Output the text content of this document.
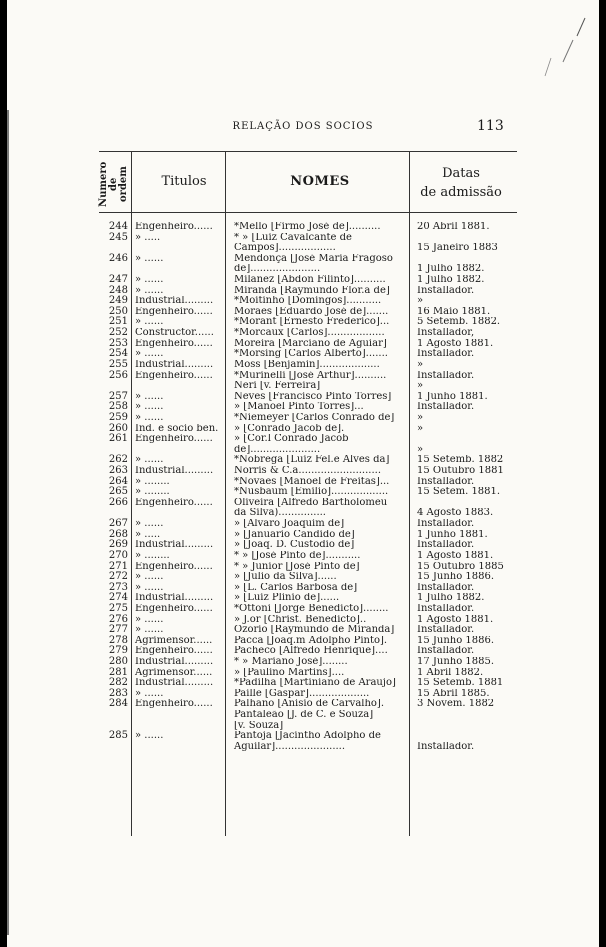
RELAÇÃO DOS SOCIOS	113
Numero de ordem	Titulos	NOMES
Datas
de admissão
244 Engenheiro......	*Mello [Firmo José de]..........	20 Abril 1881.
245 » .....	* » [Luiz Cavalcante de
Campos]..................	15 Janeiro 1883
246 » ......	Mendonça [José Maria Fragoso
de]......................	1 Julho 1882.
247 » ......	Milanez [Abdon Filinto]..........	1 Julho 1882.
248 » ......	Miranda [Raymundo Flor.a de]	Installador.
249 Industrial.........	*Moitinho [Domingos]...........	»
250 Engenheiro......	Moraes [Eduardo José de].......	16 Maio 1881.
251 » ......	*Morant [Ernesto Frederico]...	5 Setemb. 1882.
252 Constructor......	*Morcaux [Carlos]..................	Installador,
253 Engenheiro......	Moreira [Marciano de Aguiar]	1 Agosto 1881.
254 » ......	*Morsing [Carlos Alberto].......	Installador.
255 Industrial.........	Moss [Benjamin]...................	»
256 Engenheiro......	*Murinelli [José Arthur]..........	Installador.
Neri [v. Ferreira]	»
257 » ......	Neves [Francisco Pinto Torres]	1 Junho 1881.
258 » ......	» [Manoel Pinto Torres]...	Installador.
259 » ......	*Niemeyer [Carlos Conrado de]	»
260 Ind. e socio ben.	» [Conrado Jacob de].	»
261 Engenheiro......	» [Cor.l Conrado Jacob
de]......................	»
262 » ......	*Nobrega [Luiz Fel.e Alves da]	15 Setemb. 1882
263 Industrial.........	Norris & C.a..........................	15 Outubro 1881
264 » ........	*Novaes [Manoel de Freitas]...	Installador.
265 » ........	*Nusbaum [Emilio]..................	15 Setem. 1881.
266 Engenheiro......	Oliveira [Alfredo Bartholomeu
da Silva)...............	4 Agosto 1883.
267 » ......	» [Alvaro Joaquim de]	Installador.
268 » .....	» [Januario Candido de]	1 Junho 1881.
269 Industrial.........	» [Joaq. D. Custodio de]	Installador.
270 » ........	* » [José Pinto de]...........	1 Agosto 1881.
271 Engenheiro......	* » Junior [José Pinto de]	15 Outubro 1885
272 » ......	» [Julio da Silva]......	15 Junho 1886.
273 » ......	» [L. Carlos Barbosa de]	Installador.
274 Industrial.........	» [Luiz Plinio de]......	1 Julho 1882.
275 Engenheiro......	*Ottoni [Jorge Benedicto]........	Installador.
276 » ......	» J.or [Christ. Benedicto]..	1 Agosto 1881.
277 » ......	Ozorio [Raymundo de Miranda]	Installador.
278 Agrimensor......	Pacca [Joaq.m Adolpho Pinto].	15 Junho 1886.
279 Engenheiro......	Pacheco [Alfredo Henrique]....	Installador.
280 Industrial.........	* » Mariano José]........	17 Junho 1885.
281 Agrimensor......	» [Paulino Martins]....	1 Abril 1882.
282 Industrial.........	*Padilha [Martiniano de Araujo]	15 Setemb. 1881
283 » ......	Paille [Gaspar]...................	15 Abril 1885.
284 Engenheiro......	Palhano [Anisio de Carvalho].	3 Novem. 1882
Pantaleão [J. de C. e Souza]
[v. Souza]
285 » ......	Pantoja [Jacintho Adolpho de
Aguilar]......................	Installador.
